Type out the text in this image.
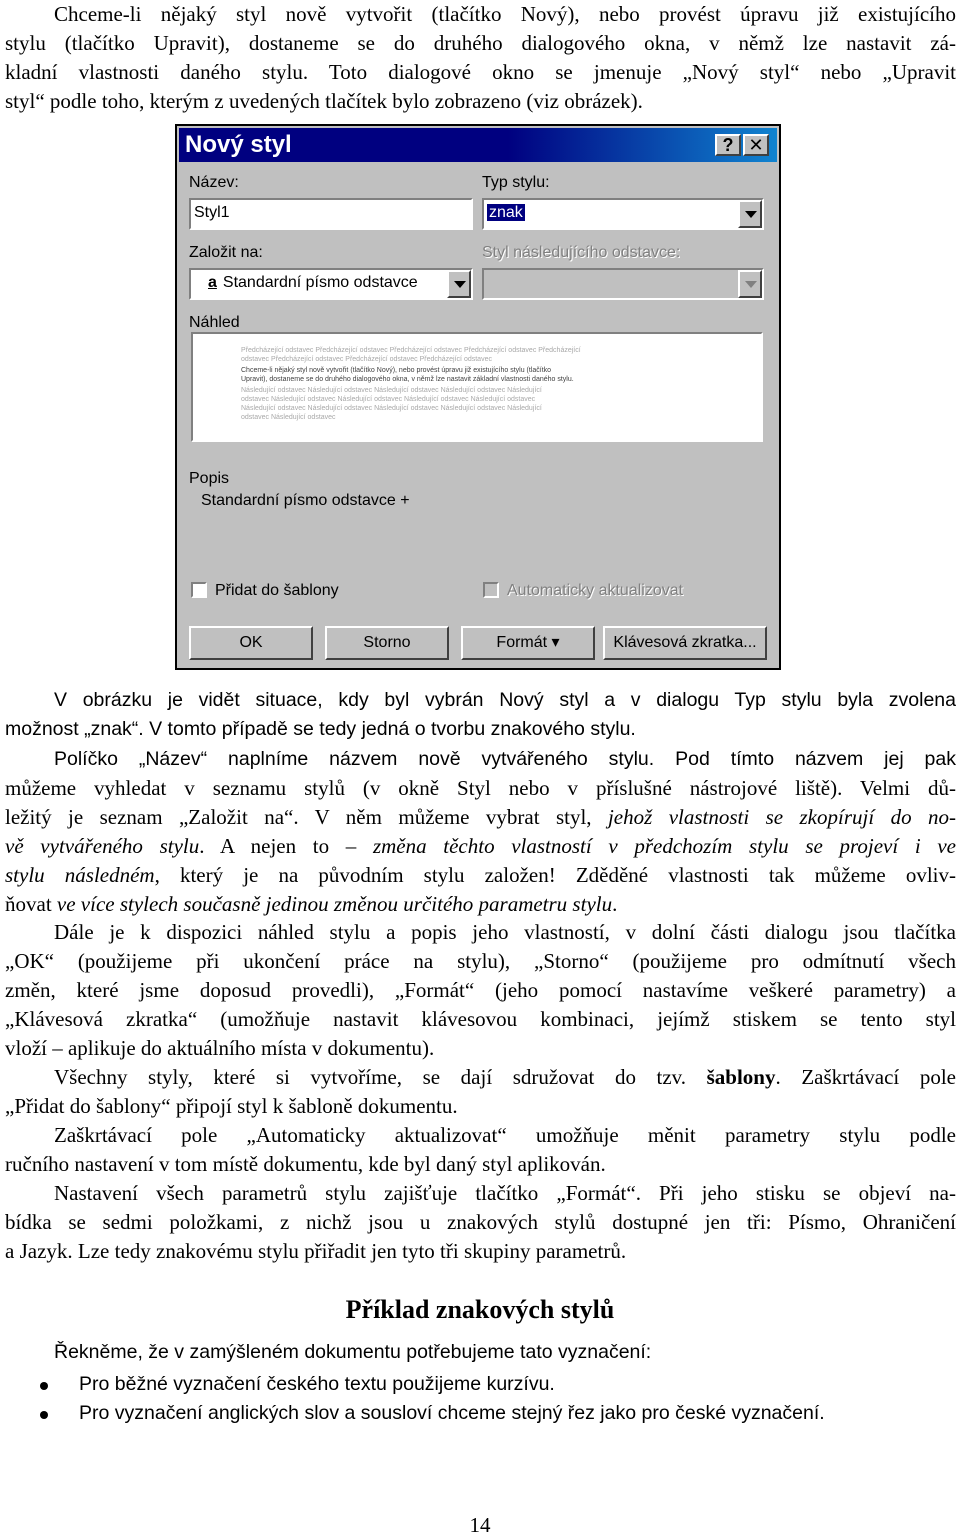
Chceme-li nějaký styl nově vytvořit (tlačítko Nový), nebo provést úpravu již existujícího
stylu (tlačítko Upravit), dostaneme se do druhého dialogového okna, v němž lze nastavit zá-
kladní vlastnosti daného stylu. Toto dialogové okno se jmenuje „Nový styl“ nebo „Upravit
styl“ podle toho, kterým z uvedených tlačítek bylo zobrazeno (viz obrázek).
Nový styl	? ✕
Název:
Styl1
Typ stylu:
znak
Založit na:
a Standardní písmo odstavce
Styl následujícího odstavce:
Náhled
Předcházející odstavec Předcházející odstavec Předcházející odstavec Předcházející odstavec Předcházející
odstavec Předcházející odstavec Předcházející odstavec Předcházející odstavec
Chceme-li nějaký styl nově vytvořit (tlačítko Nový), nebo provést úpravu již existujícího stylu (tlačítko
Upravit), dostaneme se do druhého dialogového okna, v němž lze nastavit základní vlastnosti daného stylu.
Následující odstavec Následující odstavec Následující odstavec Následující odstavec Následující
odstavec Následující odstavec Následující odstavec Následující odstavec Následující odstavec
Následující odstavec Následující odstavec Následující odstavec Následující odstavec Následující
odstavec Následující odstavec
Popis
Standardní písmo odstavce +
Přidat do šablony	Automaticky aktualizovat
OK	Storno	Formát ▾	Klávesová zkratka...
V obrázku je vidět situace, kdy byl vybrán Nový styl a v dialogu Typ stylu byla zvolena
možnost „znak“. V tomto případě se tedy jedná o tvorbu znakového stylu.
Políčko „Název“ naplníme názvem nově vytvářeného stylu. Pod tímto názvem jej pak
můžeme vyhledat v seznamu stylů (v okně Styl nebo v příslušné nástrojové liště). Velmi dů-
ležitý je seznam „Založit na“. V něm můžeme vybrat styl, jehož vlastnosti se zkopírují do no-
vě vytvářeného stylu. A nejen to – změna těchto vlastností v předchozím stylu se projeví i ve
stylu následném, který je na původním stylu založen! Zděděné vlastnosti tak můžeme ovliv-
ňovat ve více stylech současně jedinou změnou určitého parametru stylu.
Dále je k dispozici náhled stylu a popis jeho vlastností, v dolní části dialogu jsou tlačítka
„OK“ (použijeme při ukončení práce na stylu), „Storno“ (použijeme pro odmítnutí všech
změn, které jsme doposud provedli), „Formát“ (jeho pomocí nastavíme veškeré parametry) a
„Klávesová zkratka“ (umožňuje nastavit klávesovou kombinaci, jejímž stiskem se tento styl
vloží – aplikuje do aktuálního místa v dokumentu).
Všechny styly, které si vytvoříme, se dají sdružovat do tzv. šablony. Zaškrtávací pole
„Přidat do šablony“ připojí styl k šabloně dokumentu.
Zaškrtávací pole „Automaticky aktualizovat“ umožňuje měnit parametry stylu podle
ručního nastavení v tom místě dokumentu, kde byl daný styl aplikován.
Nastavení všech parametrů stylu zajišťuje tlačítko „Formát“. Při jeho stisku se objeví na-
bídka se sedmi položkami, z nichž jsou u znakových stylů dostupné jen tři: Písmo, Ohraničení
a Jazyk. Lze tedy znakovému stylu přiřadit jen tyto tři skupiny parametrů.
Příklad znakových stylů
Řekněme, že v zamýšleném dokumentu potřebujeme tato vyznačení:
Pro běžné vyznačení českého textu použijeme kurzívu.
Pro vyznačení anglických slov a sousloví chceme stejný řez jako pro české vyznačení.
14
